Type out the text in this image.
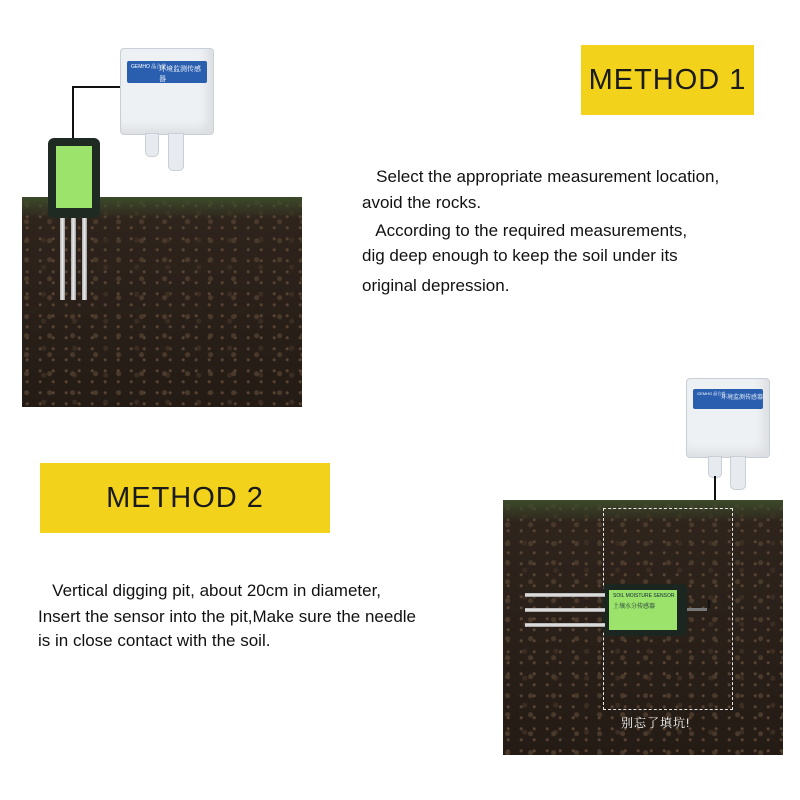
METHOD 1
Select the appropriate measurement location,
avoid the rocks.
According to the required measurements,
dig deep enough to keep the soil under its
original depression.
GEMHO 晶合豪
环境监测传感器
METHOD 2
Vertical digging pit, about 20cm in diameter,
Insert the sensor into the pit,Make sure the needle
is in close contact with the soil.
GEMHO 晶合豪
环境监测传感器
SOIL MOISTURE SENSOR
土壤水分传感器
别忘了填坑!
